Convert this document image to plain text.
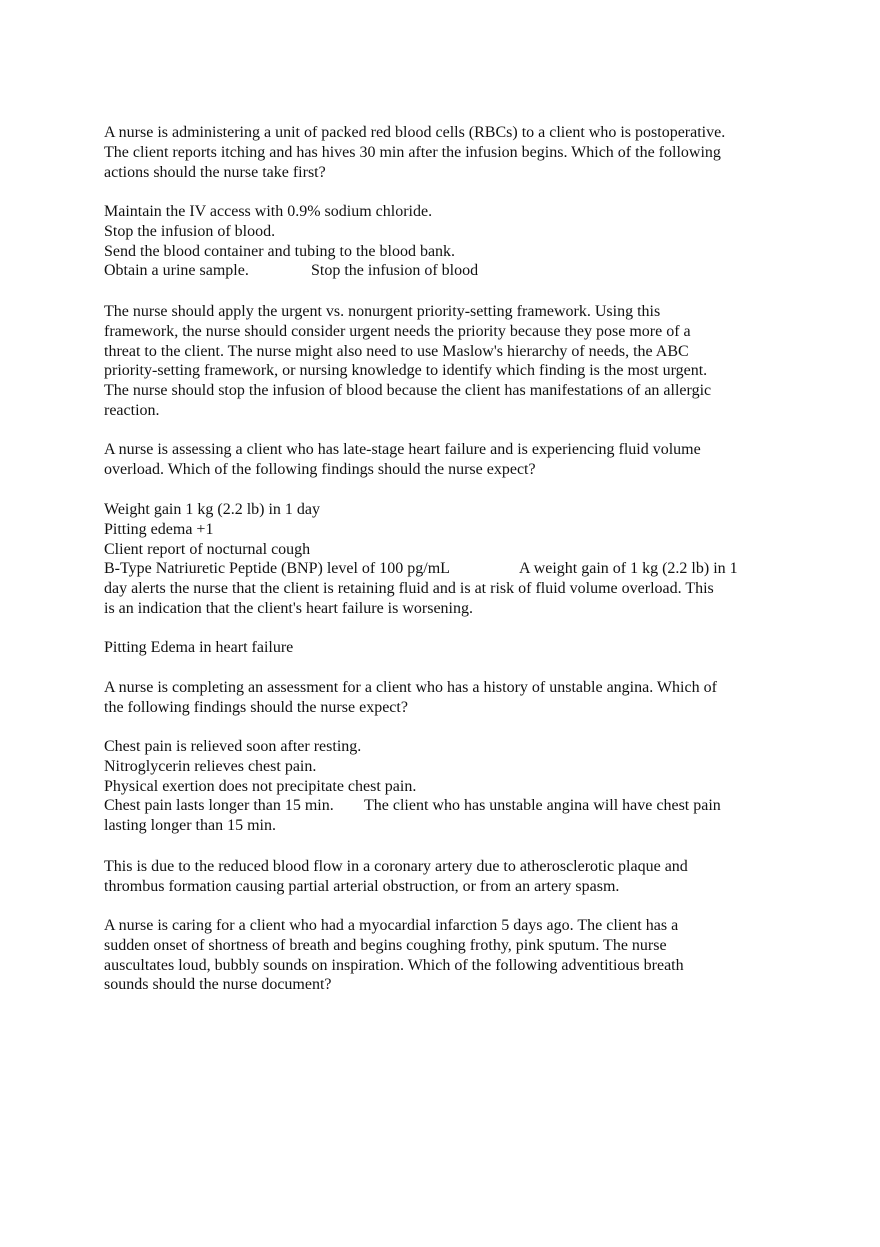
A nurse is administering a unit of packed red blood cells (RBCs) to a client who is postoperative.
The client reports itching and has hives 30 min after the infusion begins. Which of the following
actions should the nurse take first?
Maintain the IV access with 0.9% sodium chloride.
Stop the infusion of blood.
Send the blood container and tubing to the blood bank.
Stop the infusion of blood
Obtain a urine sample.
The nurse should apply the urgent vs. nonurgent priority-setting framework. Using this
framework, the nurse should consider urgent needs the priority because they pose more of a
threat to the client. The nurse might also need to use Maslow's hierarchy of needs, the ABC
priority-setting framework, or nursing knowledge to identify which finding is the most urgent.
The nurse should stop the infusion of blood because the client has manifestations of an allergic
reaction.
A nurse is assessing a client who has late-stage heart failure and is experiencing fluid volume
overload. Which of the following findings should the nurse expect?
Weight gain 1 kg (2.2 lb) in 1 day
Pitting edema +1
Client report of nocturnal cough
A weight gain of 1 kg (2.2 lb) in 1
B-Type Natriuretic Peptide (BNP) level of 100 pg/mL
day alerts the nurse that the client is retaining fluid and is at risk of fluid volume overload. This
is an indication that the client's heart failure is worsening.
Pitting Edema in heart failure
A nurse is completing an assessment for a client who has a history of unstable angina. Which of
the following findings should the nurse expect?
Chest pain is relieved soon after resting.
Nitroglycerin relieves chest pain.
Physical exertion does not precipitate chest pain.
The client who has unstable angina will have chest pain
Chest pain lasts longer than 15 min.
lasting longer than 15 min.
This is due to the reduced blood flow in a coronary artery due to atherosclerotic plaque and
thrombus formation causing partial arterial obstruction, or from an artery spasm.
A nurse is caring for a client who had a myocardial infarction 5 days ago. The client has a
sudden onset of shortness of breath and begins coughing frothy, pink sputum. The nurse
auscultates loud, bubbly sounds on inspiration. Which of the following adventitious breath
sounds should the nurse document?
